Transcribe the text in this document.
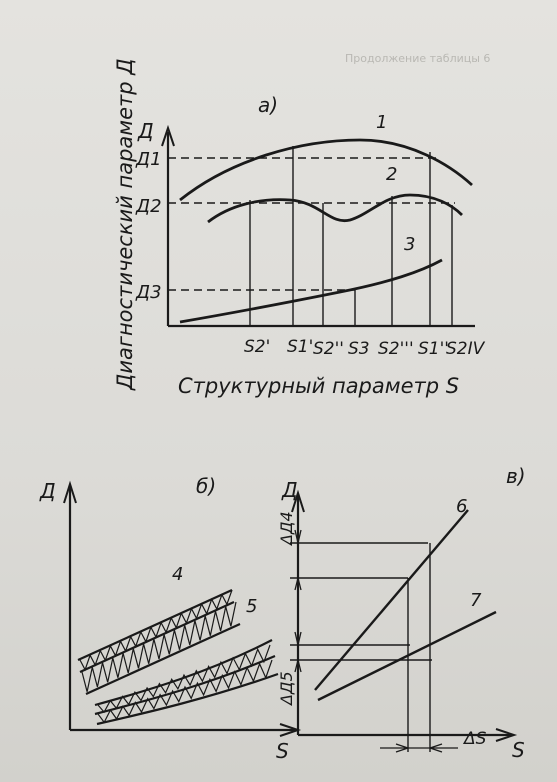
Продолжение таблицы 6
а)
Д
Д1
Д2
Д3
1
2
3
S2' S1' S2'' S3 S2''' S1''
S2IV
Структурный параметр S
Диагностический параметр Д
б)
Д
S
4
5
в)
Д
S
6
7
ΔД4
ΔД5
ΔS
